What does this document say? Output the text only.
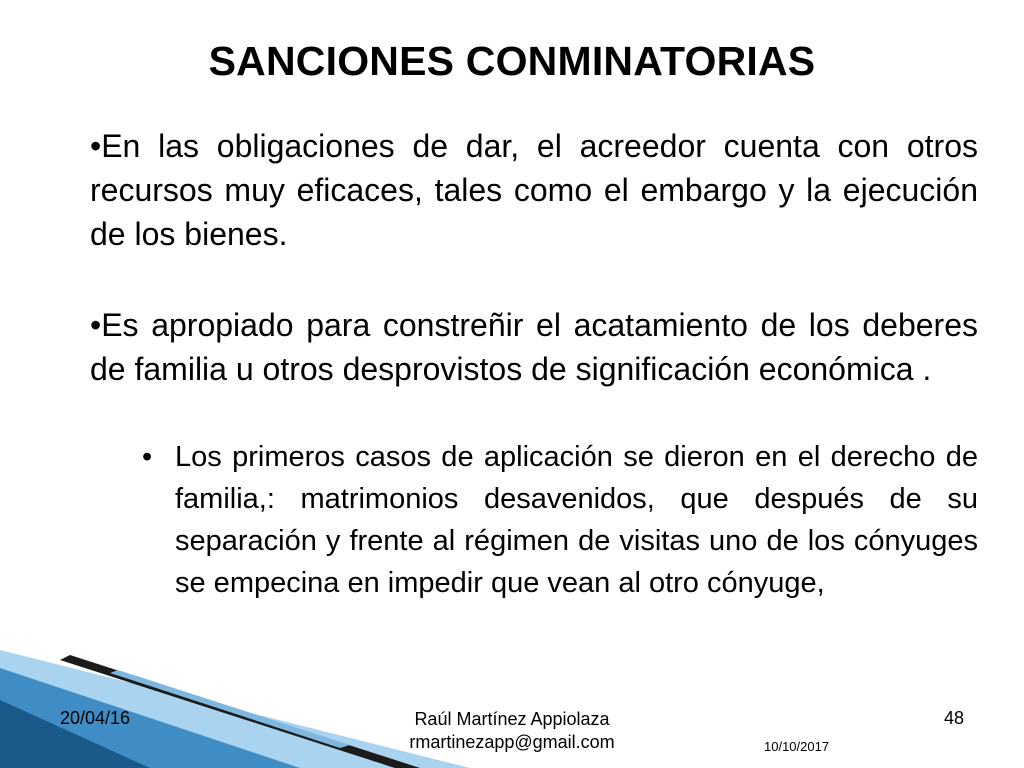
SANCIONES CONMINATORIAS
•En las obligaciones de dar, el acreedor cuenta con otros recursos muy eficaces, tales como el embargo y la ejecución de los bienes.
•Es apropiado para constreñir el acatamiento de los deberes de familia u otros desprovistos de significación económica .
• Los primeros casos de aplicación se dieron en el derecho de familia,: matrimonios desavenidos, que después de su separación y frente al régimen de visitas uno de los cónyuges se empecina en impedir que vean al otro cónyuge,
20/04/16	Raúl Martínez Appiolaza
rmartinezapp@gmail.com
48
10/10/2017
